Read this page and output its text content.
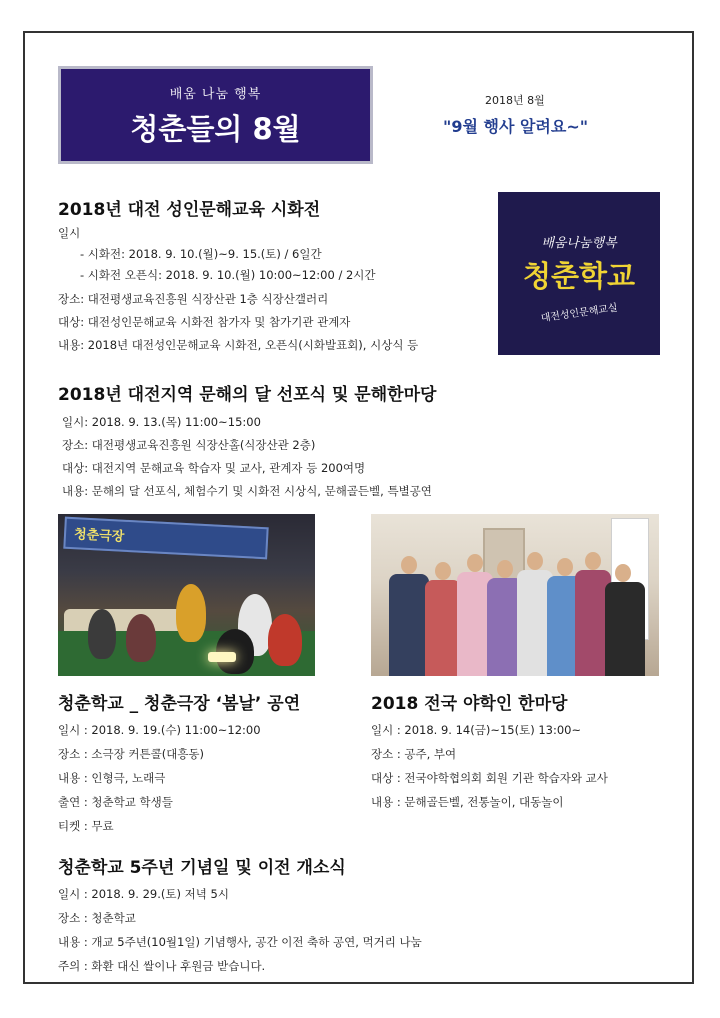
배움 나눔 행복
청춘들의 8월
2018년 8월
"9월 행사 알려요~"
배움나눔행복
청춘학교
대전성인문해교실
2018년 대전 성인문해교육 시화전
일시
- 시화전: 2018. 9. 10.(월)~9. 15.(토) / 6일간
- 시화전 오픈식: 2018. 9. 10.(월) 10:00~12:00 / 2시간
장소: 대전평생교육진흥원 식장산관 1층 식장산갤러리
대상: 대전성인문해교육 시화전 참가자 및 참가기관 관계자
내용: 2018년 대전성인문해교육 시화전, 오픈식(시화발표회), 시상식 등
2018년 대전지역 문해의 달 선포식 및 문해한마당
일시: 2018. 9. 13.(목) 11:00~15:00
장소: 대전평생교육진흥원 식장산홀(식장산관 2층)
대상: 대전지역 문해교육 학습자 및 교사, 관계자 등 200여명
내용: 문해의 달 선포식, 체험수기 및 시화전 시상식, 문해골든벨, 특별공연
청춘극장
청춘학교 _ 청춘극장 ‘봄날’ 공연
일시 : 2018. 9. 19.(수) 11:00~12:00
장소 : 소극장 커튼콜(대흥동)
내용 : 인형극, 노래극
출연 : 청춘학교 학생들
티켓 : 무료
2018 전국 야학인 한마당
일시 : 2018. 9. 14(금)~15(토) 13:00~
장소 : 공주, 부여
대상 : 전국야학협의회 회원 기관 학습자와 교사
내용 : 문해골든벨, 전통놀이, 대동놀이
청춘학교 5주년 기념일 및 이전 개소식
일시 : 2018. 9. 29.(토) 저녁 5시
장소 : 청춘학교
내용 : 개교 5주년(10월1일) 기념행사, 공간 이전 축하 공연, 먹거리 나눔
주의 : 화환 대신 쌀이나 후원금 받습니다.
